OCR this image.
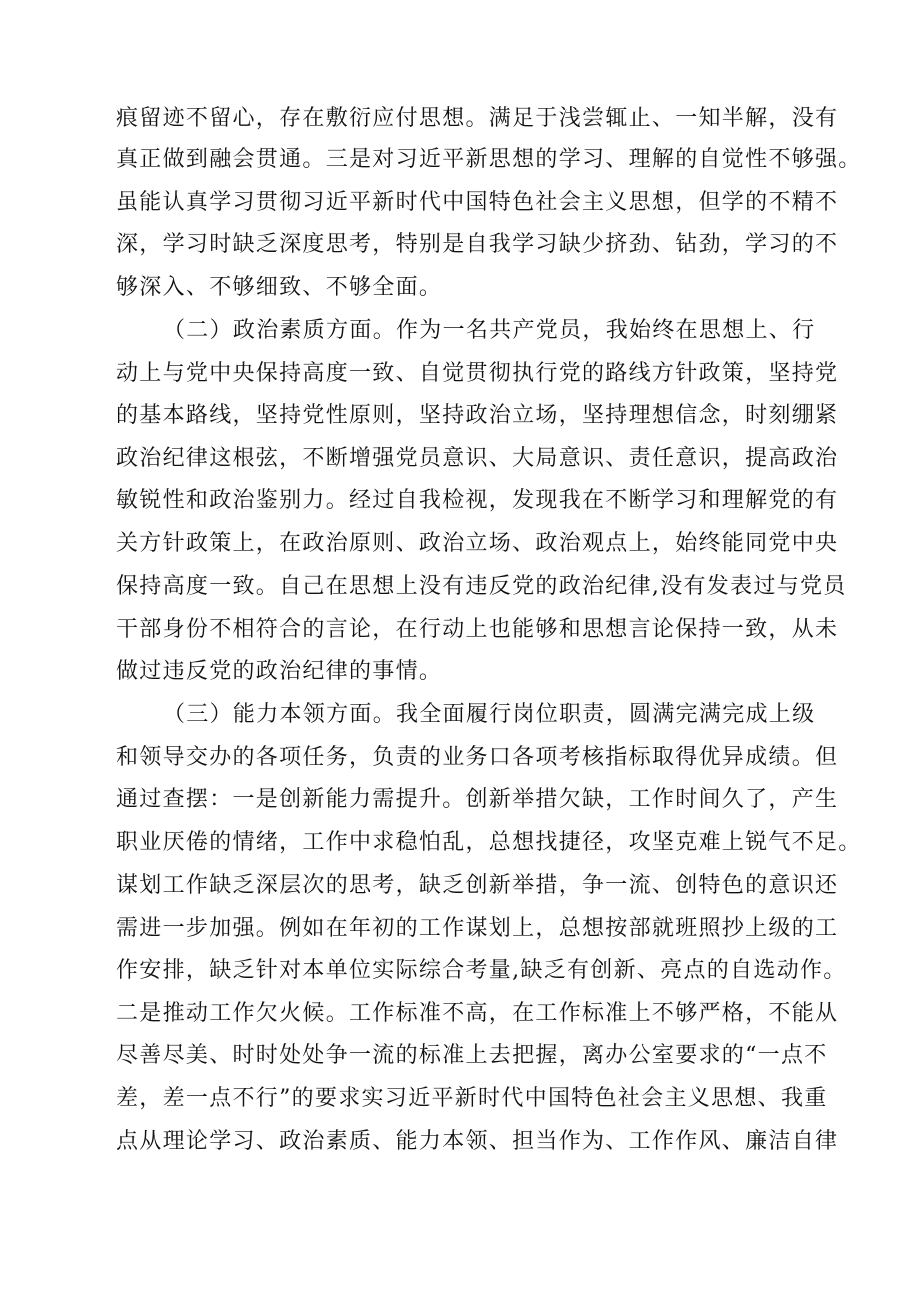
痕留迹不留心，存在敷衍应付思想。满足于浅尝辄止、一知半解，没有
真正做到融会贯通。三是对习近平新思想的学习、理解的自觉性不够强。
虽能认真学习贯彻习近平新时代中国特色社会主义思想，但学的不精不
深，学习时缺乏深度思考，特别是自我学习缺少挤劲、钻劲，学习的不
够深入、不够细致、不够全面。
（二）政治素质方面。作为一名共产党员，我始终在思想上、行
动上与党中央保持高度一致、自觉贯彻执行党的路线方针政策，坚持党
的基本路线，坚持党性原则，坚持政治立场，坚持理想信念，时刻绷紧
政治纪律这根弦，不断增强党员意识、大局意识、责任意识，提高政治
敏锐性和政治鉴别力。经过自我检视，发现我在不断学习和理解党的有
关方针政策上，在政治原则、政治立场、政治观点上，始终能同党中央
保持高度一致。自己在思想上没有违反党的政治纪律,没有发表过与党员
干部身份不相符合的言论，在行动上也能够和思想言论保持一致，从未
做过违反党的政治纪律的事情。
（三）能力本领方面。我全面履行岗位职责，圆满完满完成上级
和领导交办的各项任务，负责的业务口各项考核指标取得优异成绩。但
通过查摆：一是创新能力需提升。创新举措欠缺，工作时间久了，产生
职业厌倦的情绪，工作中求稳怕乱，总想找捷径，攻坚克难上锐气不足。
谋划工作缺乏深层次的思考，缺乏创新举措，争一流、创特色的意识还
需进一步加强。例如在年初的工作谋划上，总想按部就班照抄上级的工
作安排，缺乏针对本单位实际综合考量,缺乏有创新、亮点的自选动作。
二是推动工作欠火候。工作标准不高，在工作标准上不够严格，不能从
尽善尽美、时时处处争一流的标准上去把握，离办公室要求的“一点不
差，差一点不行”的要求实习近平新时代中国特色社会主义思想、我重
点从理论学习、政治素质、能力本领、担当作为、工作作风、廉洁自律
